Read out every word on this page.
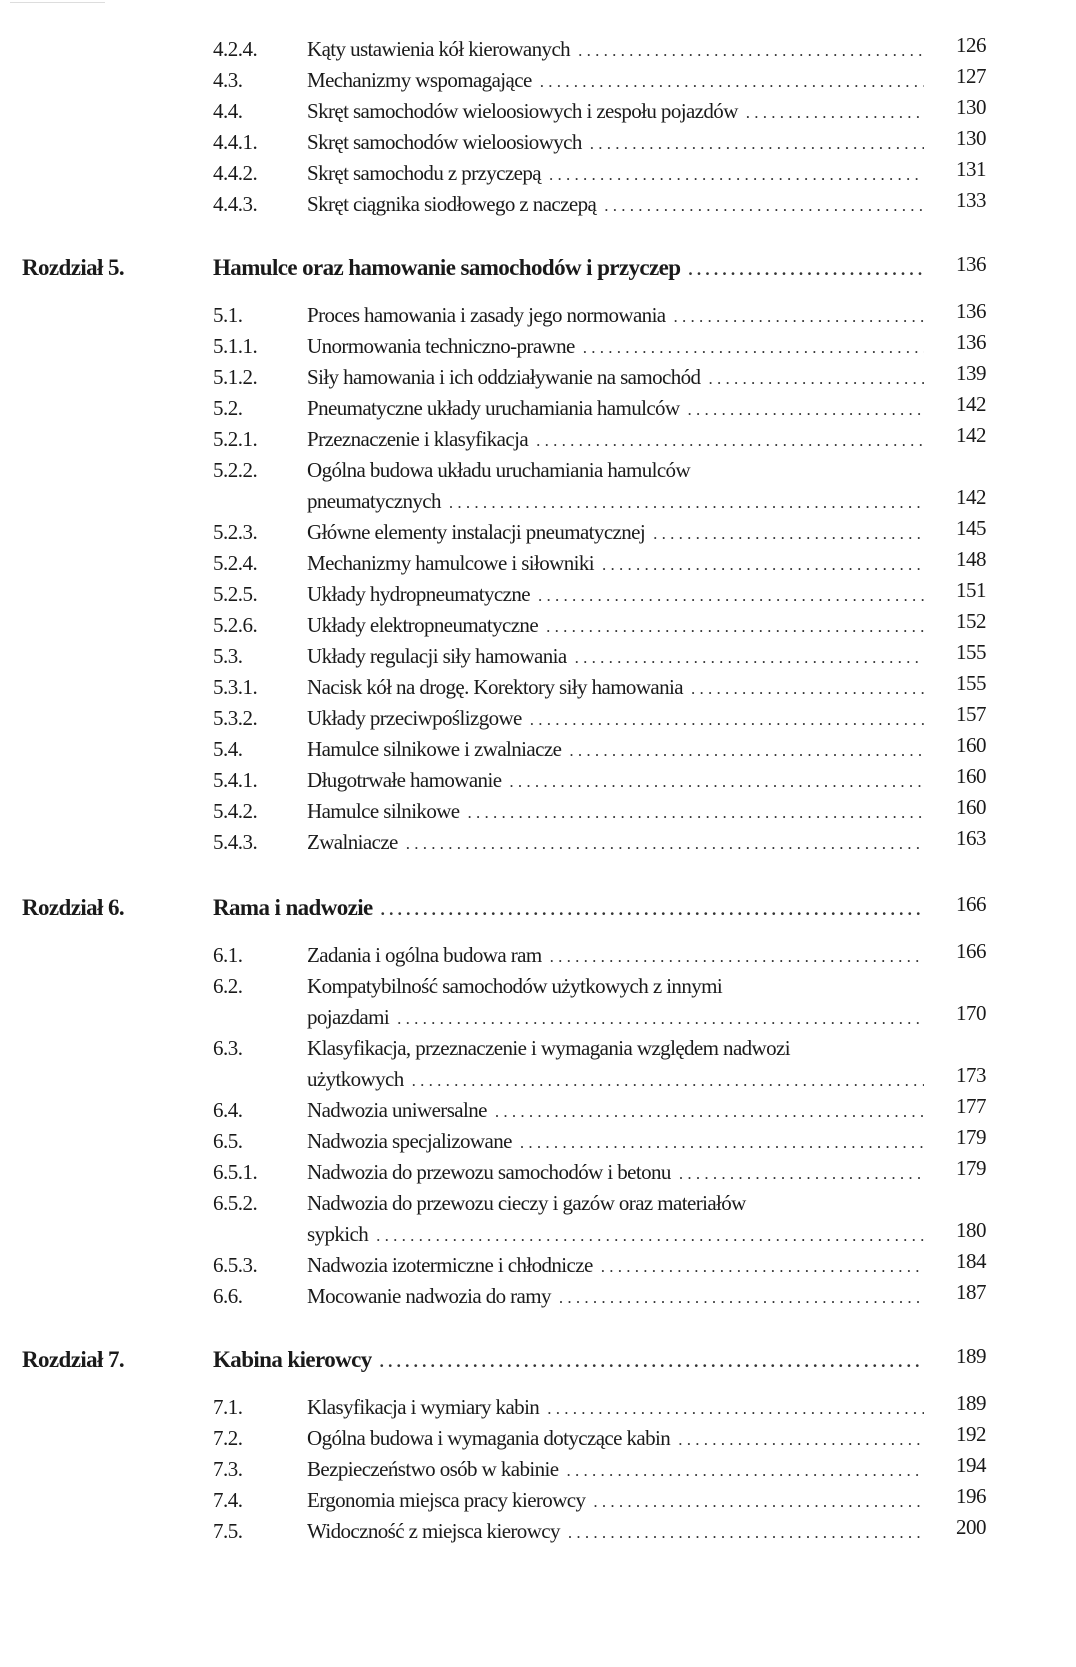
4.2.4. Kąty ustawienia kół kierowanych . . .	126
4.3.	Mechanizmy wspomagające . . .	127
4.4.	Skręt samochodów wieloosiowych i zespołu pojazdów . . .	130
4.4.1. Skręt samochodów wieloosiowych . . .	130
4.4.2. Skręt samochodu z przyczepą . . .	131
4.4.3. Skręt ciągnika siodłowego z naczepą . . .	133
Rozdział 5.	Hamulce oraz hamowanie samochodów i przyczep . . .	136
5.1.	Proces hamowania i zasady jego normowania . . .	136
5.1.1. Unormowania techniczno-prawne . . .	136
5.1.2. Siły hamowania i ich oddziaływanie na samochód . . .	139
5.2.	Pneumatyczne układy uruchamiania hamulców . . .	142
5.2.1. Przeznaczenie i klasyfikacja . . .	142
5.2.2. Ogólna budowa układu uruchamiania hamulców
pneumatycznych . . .	142
5.2.3. Główne elementy instalacji pneumatycznej . . .	145
5.2.4. Mechanizmy hamulcowe i siłowniki . . .	148
5.2.5. Układy hydropneumatyczne . . .	151
5.2.6. Układy elektropneumatyczne . . .	152
5.3.	Układy regulacji siły hamowania . . .	155
5.3.1. Nacisk kół na drogę. Korektory siły hamowania . . .	155
5.3.2. Układy przeciwpoślizgowe . . .	157
5.4.	Hamulce silnikowe i zwalniacze . . .	160
5.4.1. Długotrwałe hamowanie . . .	160
5.4.2. Hamulce silnikowe . . .	160
5.4.3. Zwalniacze . . .	163
Rozdział 6.	Rama i nadwozie . . .	166
6.1.	Zadania i ogólna budowa ram . . .	166
6.2.	Kompatybilność samochodów użytkowych z innymi
pojazdami . . .	170
6.3.	Klasyfikacja, przeznaczenie i wymagania względem nadwozi
użytkowych . . .	173
6.4.	Nadwozia uniwersalne . . .	177
6.5.	Nadwozia specjalizowane . . .	179
6.5.1. Nadwozia do przewozu samochodów i betonu . . .	179
6.5.2. Nadwozia do przewozu cieczy i gazów oraz materiałów
sypkich . . .	180
6.5.3. Nadwozia izotermiczne i chłodnicze . . .	184
6.6.	Mocowanie nadwozia do ramy . . .	187
Rozdział 7.	Kabina kierowcy . . .	189
7.1.	Klasyfikacja i wymiary kabin . . .	189
7.2.	Ogólna budowa i wymagania dotyczące kabin . . .	192
7.3.	Bezpieczeństwo osób w kabinie . . .	194
7.4.	Ergonomia miejsca pracy kierowcy . . .	196
7.5.	Widoczność z miejsca kierowcy . . .	200
